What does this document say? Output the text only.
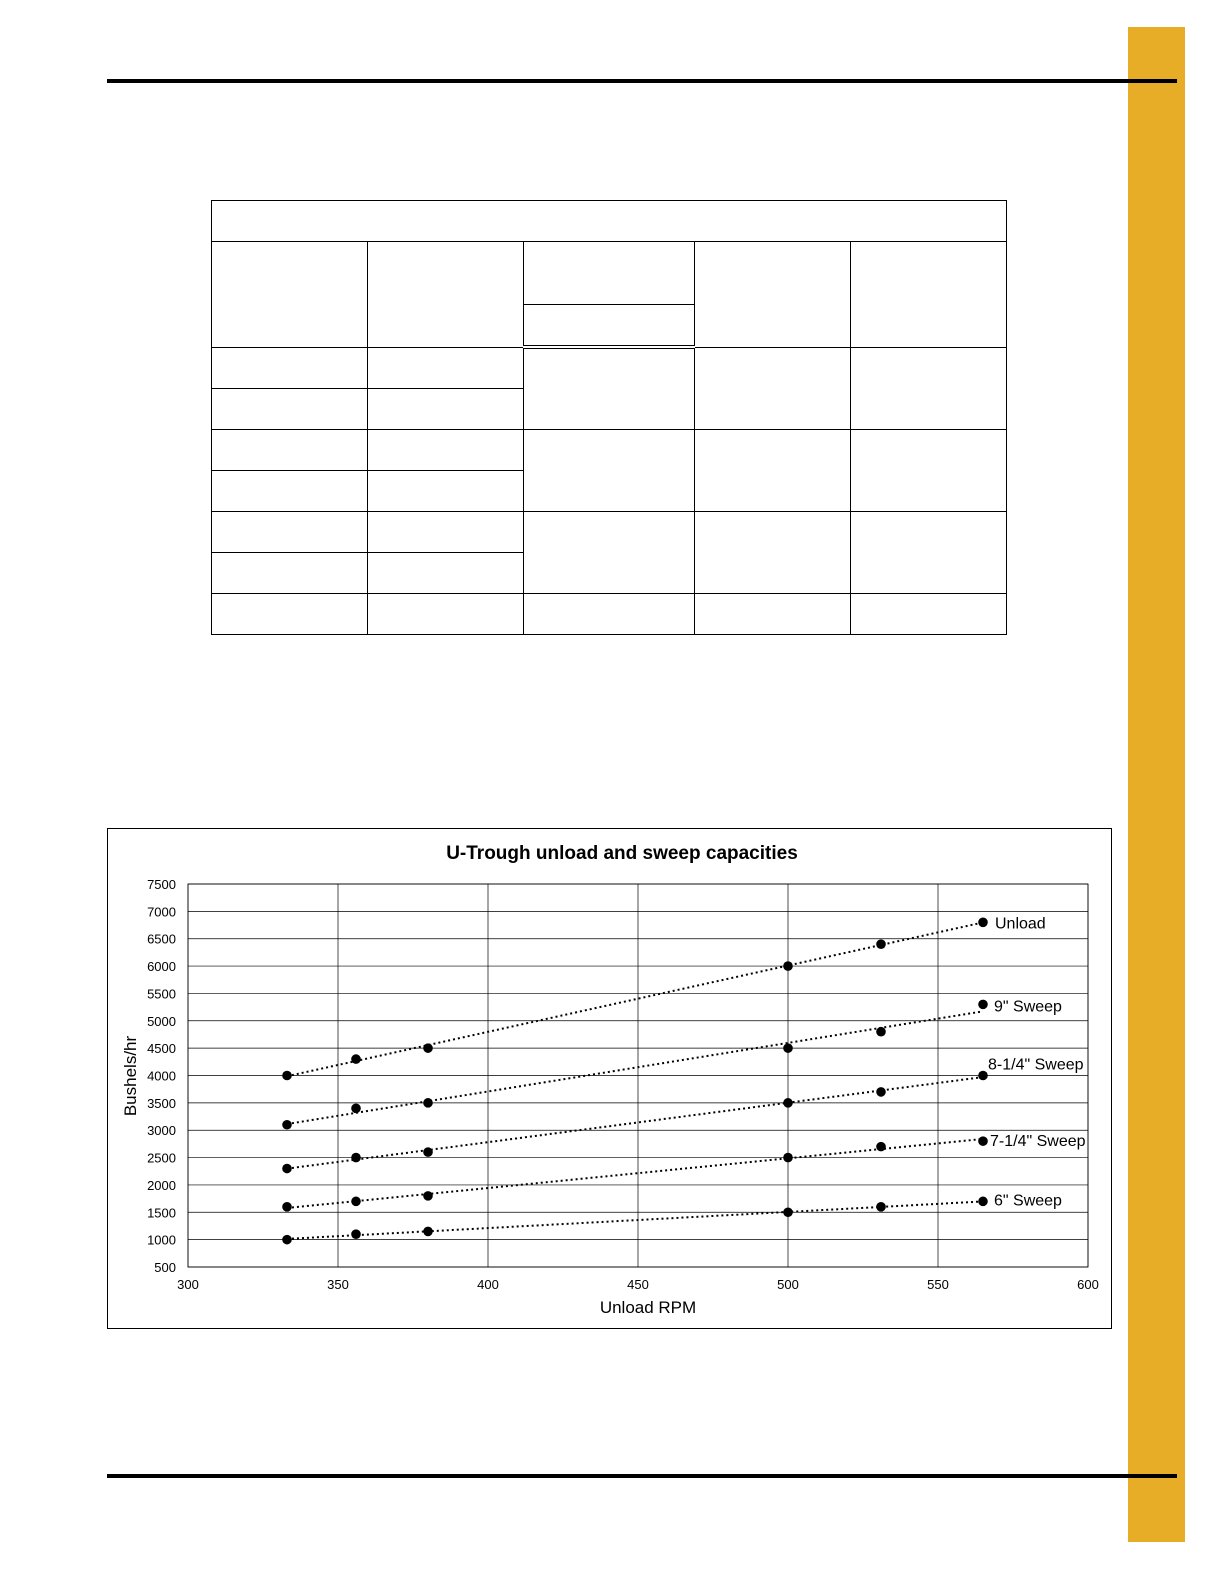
U-Trough unload and sweep capacities
500
1000
1500
2000
2500
3000
3500
4000
4500
5000
5500
6000
6500
7000
7500
300	350	400	450	500	550	600
Unload
9" Sweep
8-1/4" Sweep
7-1/4" Sweep
6" Sweep
Unload RPM
Bushels/hr
